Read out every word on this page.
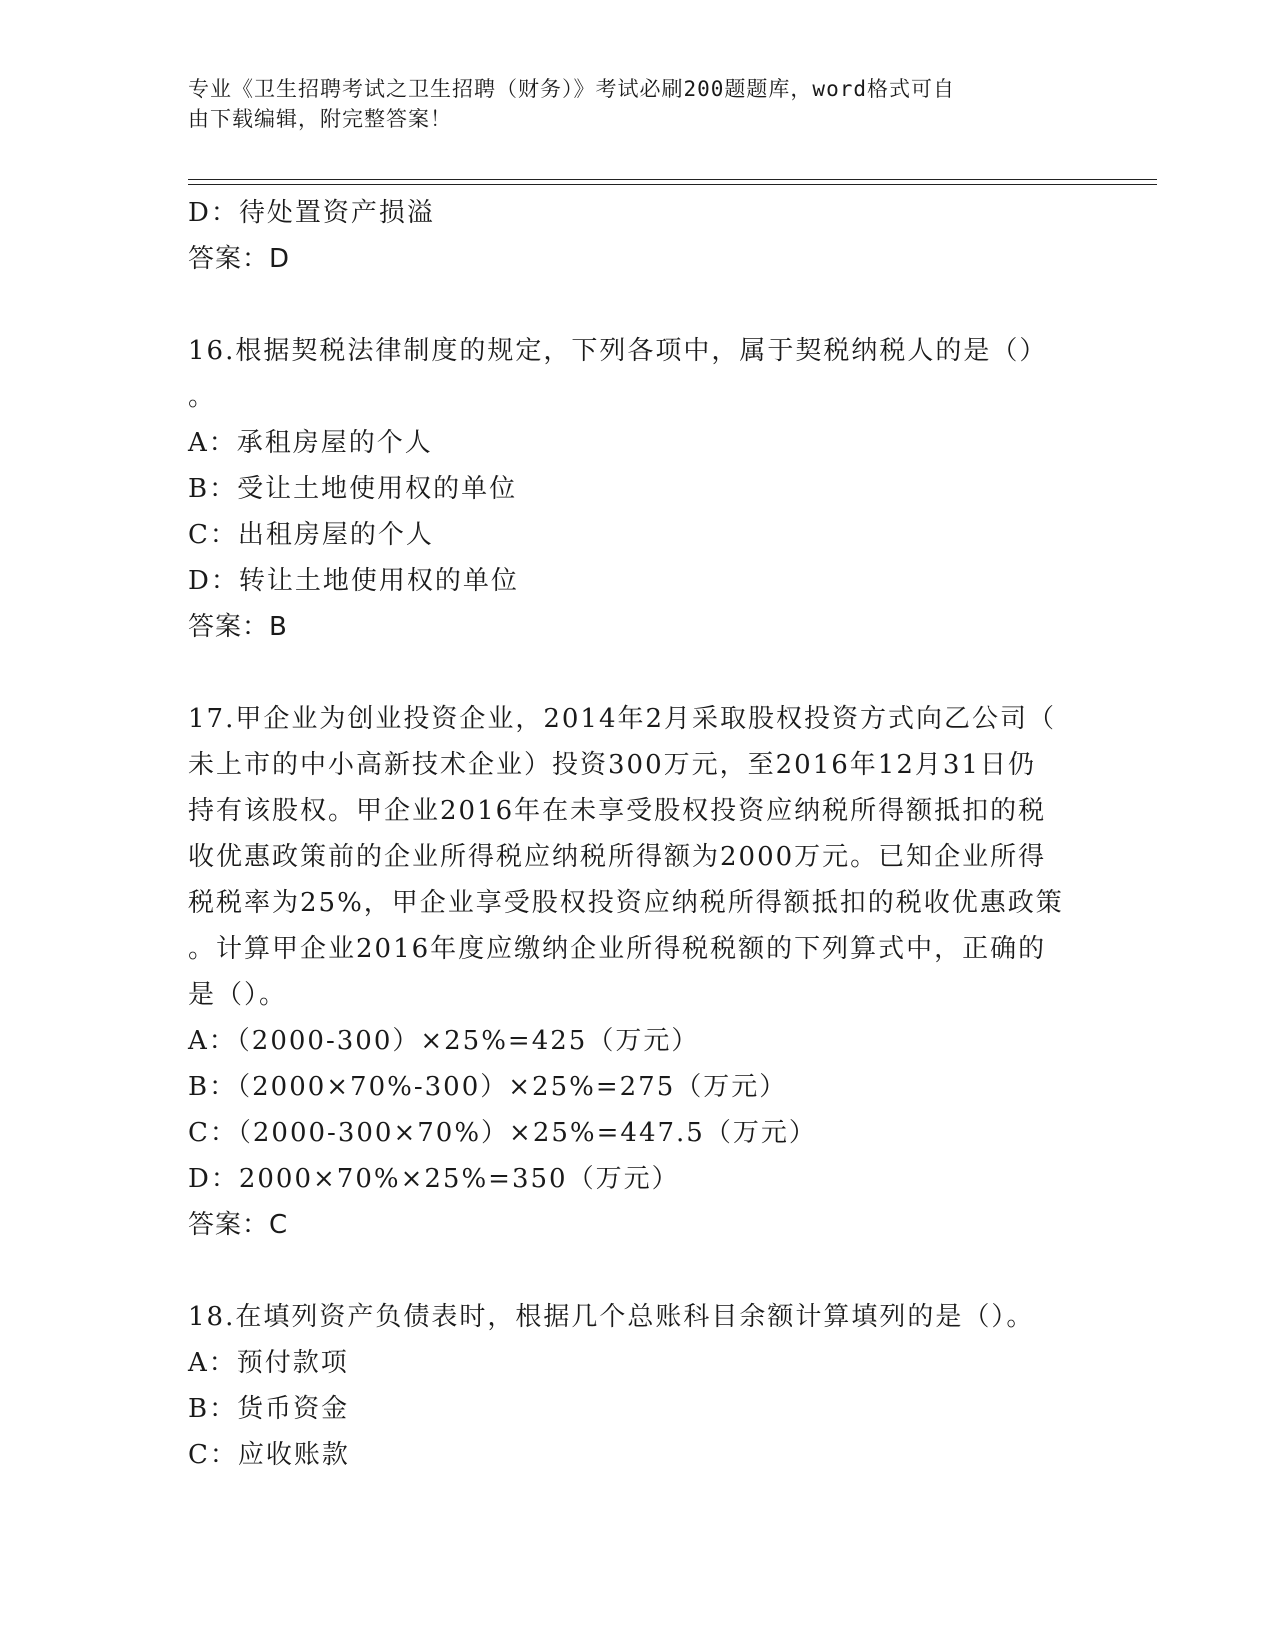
专业《卫生招聘考试之卫生招聘（财务）》考试必刷200题题库，word格式可自
由下载编辑，附完整答案！
D：待处置资产损溢
答案：D
16.根据契税法律制度的规定，下列各项中，属于契税纳税人的是（）
。
A：承租房屋的个人
B：受让土地使用权的单位
C：出租房屋的个人
D：转让土地使用权的单位
答案：B
17.甲企业为创业投资企业，2014年2月采取股权投资方式向乙公司（
未上市的中小高新技术企业）投资300万元，至2016年12月31日仍
持有该股权。甲企业2016年在未享受股权投资应纳税所得额抵扣的税
收优惠政策前的企业所得税应纳税所得额为2000万元。已知企业所得
税税率为25%，甲企业享受股权投资应纳税所得额抵扣的税收优惠政策
。计算甲企业2016年度应缴纳企业所得税税额的下列算式中，正确的
是（）。
A：（2000-300）×25%=425（万元）
B：（2000×70%-300）×25%=275（万元）
C：（2000-300×70%）×25%=447.5（万元）
D：2000×70%×25%=350（万元）
答案：C
18.在填列资产负债表时，根据几个总账科目余额计算填列的是（）。
A：预付款项
B：货币资金
C：应收账款
